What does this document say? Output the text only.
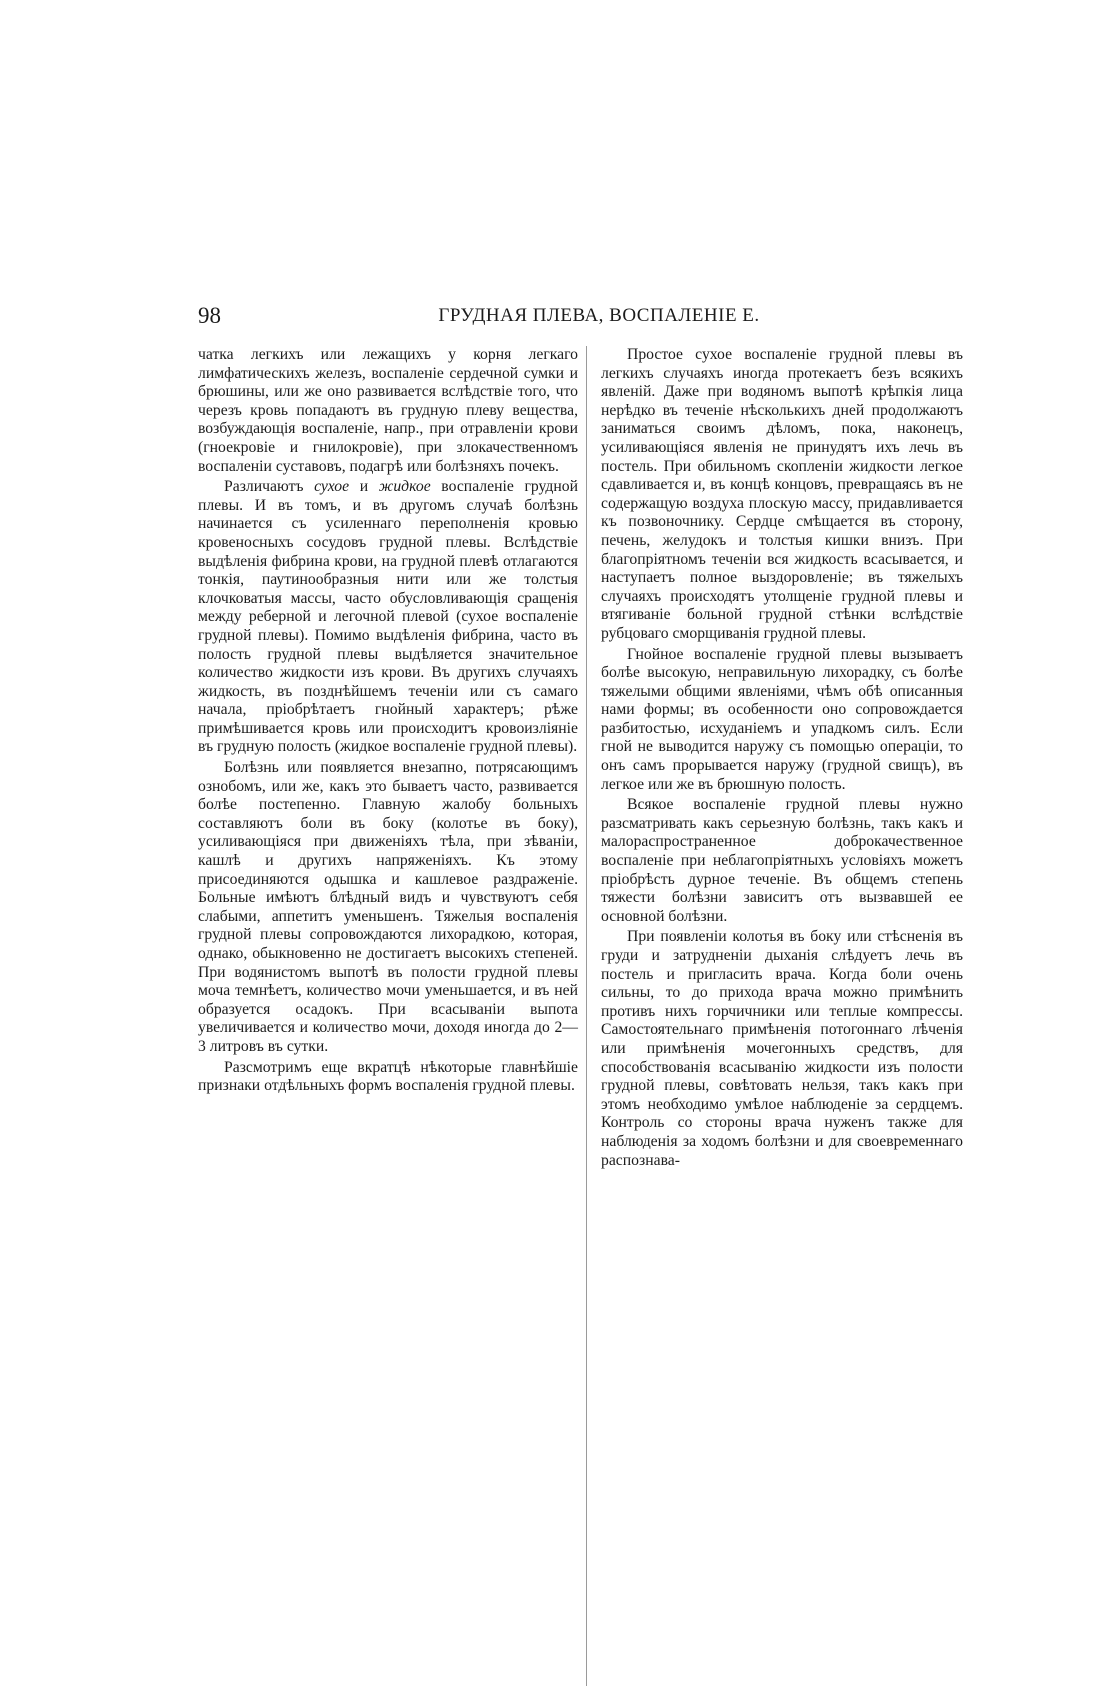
98	ГРУДНАЯ ПЛЕВА, ВОСПАЛЕНІЕ Е.

чатка легкихъ или лежащихъ у корня легкаго лимфатическихъ железъ, воспаленіе сердечной сумки и брюшины, или же оно развивается вслѣдствіе того, что черезъ кровь попадаютъ въ грудную плеву вещества, возбуждающія воспаленіе, напр., при отравленіи крови (гноекровіе и гнилокровіе), при злокачественномъ воспаленіи суставовъ, подагрѣ или болѣзняхъ почекъ.

Различаютъ сухое и жидкое воспаленіе грудной плевы. И въ томъ, и въ другомъ случаѣ болѣзнь начинается съ усиленнаго переполненія кровью кровеносныхъ сосудовъ грудной плевы. Вслѣдствіе выдѣленія фибрина крови, на грудной плевѣ отлагаются тонкія, паутинообразныя нити или же толстыя клочковатыя массы, часто обусловливающія сращенія между реберной и легочной плевой (сухое воспаленіе грудной плевы). Помимо выдѣленія фибрина, часто въ полость грудной плевы выдѣляется значительное количество жидкости изъ крови. Въ другихъ случаяхъ жидкость, въ позднѣйшемъ теченіи или съ самаго начала, пріобрѣтаетъ гнойный характеръ; рѣже примѣшивается кровь или происходитъ кровоизліяніе въ грудную полость (жидкое воспаленіе грудной плевы).

Болѣзнь или появляется внезапно, потрясающимъ ознобомъ, или же, какъ это бываетъ часто, развивается болѣе постепенно. Главную жалобу больныхъ составляютъ боли въ боку (колотье въ боку), усиливающіяся при движеніяхъ тѣла, при зѣваніи, кашлѣ и другихъ напряженіяхъ. Къ этому присоединяются одышка и кашлевое раздраженіе. Больные имѣютъ блѣдный видъ и чувствуютъ себя слабыми, аппетитъ уменьшенъ. Тяжелыя воспаленія грудной плевы сопровождаются лихорадкою, которая, однако, обыкновенно не достигаетъ высокихъ степеней. При водянистомъ выпотѣ въ полости грудной плевы моча темнѣетъ, количество мочи уменьшается, и въ ней образуется осадокъ. При всасываніи выпота увеличивается и количество мочи, доходя иногда до 2—3 литровъ въ сутки.

Разсмотримъ еще вкратцѣ нѣкоторые главнѣйшіе признаки отдѣльныхъ формъ воспаленія грудной плевы.

Простое сухое воспаленіе грудной плевы въ легкихъ случаяхъ иногда протекаетъ безъ всякихъ явленій. Даже при водяномъ выпотѣ крѣпкія лица нерѣдко въ теченіе нѣсколькихъ дней продолжаютъ заниматься своимъ дѣломъ, пока, наконецъ, усиливающіяся явленія не принудятъ ихъ лечь въ постель. При обильномъ скопленіи жидкости легкое сдавливается и, въ концѣ концовъ, превращаясь въ не содержащую воздуха плоскую массу, придавливается къ позвоночнику. Сердце смѣщается въ сторону, печень, желудокъ и толстыя кишки внизъ. При благопріятномъ теченіи вся жидкость всасывается, и наступаетъ полное выздоровленіе; въ тяжелыхъ случаяхъ происходятъ утолщеніе грудной плевы и втягиваніе больной грудной стѣнки вслѣдствіе рубцоваго сморщиванія грудной плевы.

Гнойное воспаленіе грудной плевы вызываетъ болѣе высокую, неправильную лихорадку, съ болѣе тяжелыми общими явленіями, чѣмъ обѣ описанныя нами формы; въ особенности оно сопровождается разбитостью, исхуданіемъ и упадкомъ силъ. Если гной не выводится наружу съ помощью операціи, то онъ самъ прорывается наружу (грудной свищъ), въ легкое или же въ брюшную полость.

Всякое воспаленіе грудной плевы нужно разсматривать какъ серьезную болѣзнь, такъ какъ и малораспространенное доброкачественное воспаленіе при неблагопріятныхъ условіяхъ можетъ пріобрѣсть дурное теченіе. Въ общемъ степень тяжести болѣзни зависитъ отъ вызвавшей ее основной болѣзни.

При появленіи колотья въ боку или стѣсненія въ груди и затрудненіи дыханія слѣдуетъ лечь въ постель и пригласить врача. Когда боли очень сильны, то до прихода врача можно примѣнить противъ нихъ горчичники или теплые компрессы. Самостоятельнаго примѣненія потогоннаго лѣченія или примѣненія мочегонныхъ средствъ, для способствованія всасыванію жидкости изъ полости грудной плевы, совѣтовать нельзя, такъ какъ при этомъ необходимо умѣлое наблюденіе за сердцемъ. Контроль со стороны врача нуженъ также для наблюденія за ходомъ болѣзни и для своевременнаго распознава-
